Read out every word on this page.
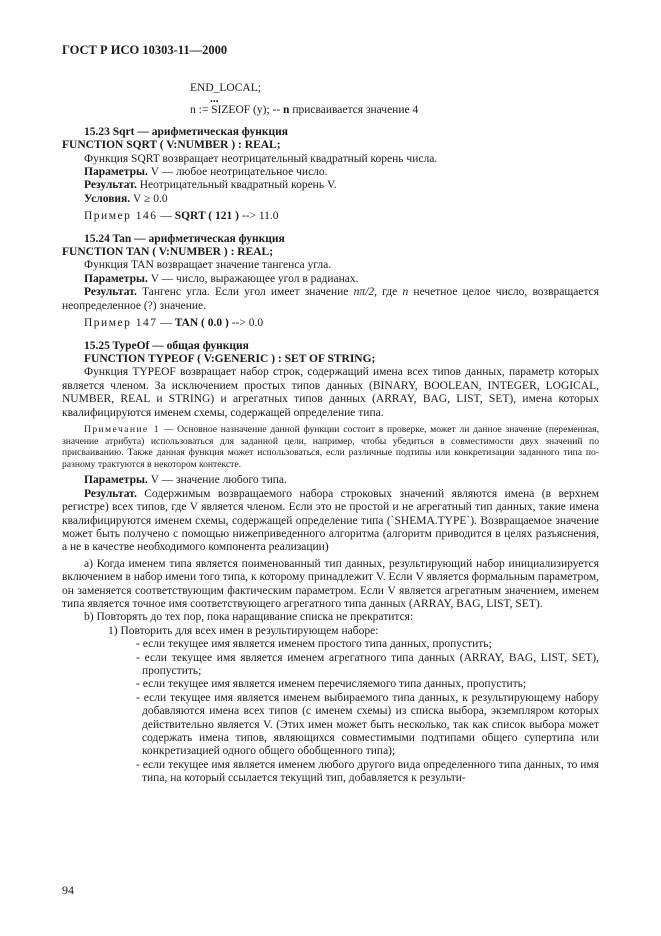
ГОСТ Р ИСО 10303-11—2000

END_LOCAL;

...

n := SIZEOF (y); -- n присваивается значение 4

15.23 Sqrt — арифметическая функция

FUNCTION SQRT ( V:NUMBER ) : REAL;

Функция SQRT возвращает неотрицательный квадратный корень числа.

Параметры. V — любое неотрицательное число.

Результат. Неотрицательный квадратный корень V.

Условия. V ≥ 0.0

Пример 146 — SQRT ( 121 ) --> 11.0

15.24 Tan — арифметическая функция

FUNCTION TAN ( V:NUMBER ) : REAL;

Функция TAN возвращает значение тангенса угла.

Параметры. V — число, выражающее угол в радианах.

Результат. Тангенс угла. Если угол имеет значение nπ/2, где n нечетное целое число, возвращается неопределенное (?) значение.

Пример 147 — TAN ( 0.0 ) --> 0.0

15.25 TypeOf — общая функция

FUNCTION TYPEOF ( V:GENERIC ) : SET OF STRING;

Функция TYPEOF возвращает набор строк, содержащий имена всех типов данных, параметр которых является членом. За исключением простых типов данных (BINARY, BOOLEAN, INTEGER, LOGICAL, NUMBER, REAL и STRING) и агрегатных типов данных (ARRAY, BAG, LIST, SET), имена которых квалифицируются именем схемы, содержащей определение типа.

Примечание 1 — Основное назначение данной функции состоит в проверке, может ли данное значение (переменная, значение атрибута) использоваться для заданной цели, например, чтобы убедиться в совместимости двух значений по присваиванию. Также данная функция может использоваться, если различные подтипы или конкретизации заданного типа по-разному трактуются в некотором контексте.

Параметры. V — значение любого типа.

Результат. Содержимым возвращаемого набора строковых значений являются имена (в верхнем регистре) всех типов, где V является членом. Если это не простой и не агрегатный тип данных, такие имена квалифицируются именем схемы, содержащей определение типа (`SHEMA.TYPE`). Возвращаемое значение может быть получено с помощью нижеприведенного алгоритма (алгоритм приводится в целях разъяснения, а не в качестве необходимого компонента реализации)

a) Когда именем типа является поименованный тип данных, результирующий набор инициализируется включением в набор имени того типа, к которому принадлежит V. Если V является формальным параметром, он заменяется соответствующим фактическим параметром. Если V является агрегатным значением, именем типа является точное имя соответствующего агрегатного типа данных (ARRAY, BAG, LIST, SET).

b) Повторять до тех пор, пока наращивание списка не прекратится:

1) Повторить для всех имен в результирующем наборе:

- если текущее имя является именем простого типа данных, пропустить;

- если текущее имя является именем агрегатного типа данных (ARRAY, BAG, LIST, SET), пропустить;

- если текущее имя является именем перечисляемого типа данных, пропустить;

- если текущее имя является именем выбираемого типа данных, к результирующему набору добавляются имена всех типов (с именем схемы) из списка выбора, экземпляром которых действительно является V. (Этих имен может быть несколько, так как список выбора может содержать имена типов, являющихся совместимыми подтипами общего супертипа или конкретизацией одного общего обобщенного типа);

- если текущее имя является именем любого другого вида определенного типа данных, то имя типа, на который ссылается текущий тип, добавляется к результи-

94
